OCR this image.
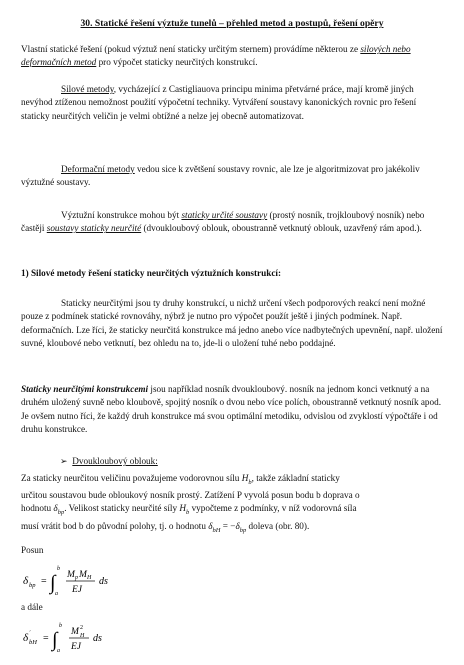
30. Statické řešení výztuže tunelů – přehled metod a postupů, řešení opěry

Vlastní statické řešení (pokud výztuž není staticky určitým sternem) provádíme některou ze silových nebo deformačních metod pro výpočet staticky neurčitých konstrukcí.

Silové metody, vycházející z Castigliauova principu minima přetvárné práce, mají kromě jiných nevýhod ztíženou nemožnost použití výpočetní techniky. Vytváření soustavy kanonických rovnic pro řešení staticky neurčitých veličin je velmi obtížné a nelze jej obecně automatizovat.

Deformační metody vedou sice k zvětšení soustavy rovnic, ale lze je algoritmizovat pro jakékoliv výztužné soustavy.

Výztužní konstrukce mohou být staticky určité soustavy (prostý nosník, trojkloubový nosník) nebo častěji soustavy staticky neurčité (dvoukloubový oblouk, oboustranně vetknutý oblouk, uzavřený rám apod.).

1) Silové metody řešení staticky neurčitých výztužních konstrukcí:

Staticky neurčitými jsou ty druhy konstrukcí, u nichž určení všech podporových reakcí není možné pouze z podmínek statické rovnováhy, nýbrž je nutno pro výpočet použít ještě i jiných podmínek. Např. deformačních. Lze říci, že staticky neurčitá konstrukce má jedno anebo více nadbytečných upevnění, např. uložení suvné, kloubové nebo vetknutí, bez ohledu na to, jde-li o uložení tuhé nebo poddajné.

Staticky neurčitými konstrukcemi jsou například nosník dvoukloubový. nosník na jednom konci vetknutý a na druhém uložený suvně nebo kloubově, spojitý nosník o dvou nebo více polích, oboustranně vetknutý nosník apod. Je ovšem nutno říci, že každý druh konstrukce má svou optimální metodiku, odvislou od zvyklostí výpočtáře i od druhu konstrukce.

➢ Dvoukloubový oblouk:

Za staticky neurčitou veličinu považujeme vodorovnou sílu $H_b$, takže základní staticky
určitou soustavou bude obloukový nosník prostý. Zatížení P vyvolá posun bodu b doprava o
hodnotu $\delta_{bp}$. Velikost staticky neurčité síly $H_b$ vypočteme z podmínky, v níž vodorovná síla
musí vrátit bod b do původní polohy, tj. o hodnotu $\delta_{bH} = -\delta_{bp}$ doleva (obr. 80).

Posun

δ bp = ∫
b
a
M p M H
EJ
ds

a dále

δ ´
bH = ∫
b
a
M 2
H
EJ
ds
